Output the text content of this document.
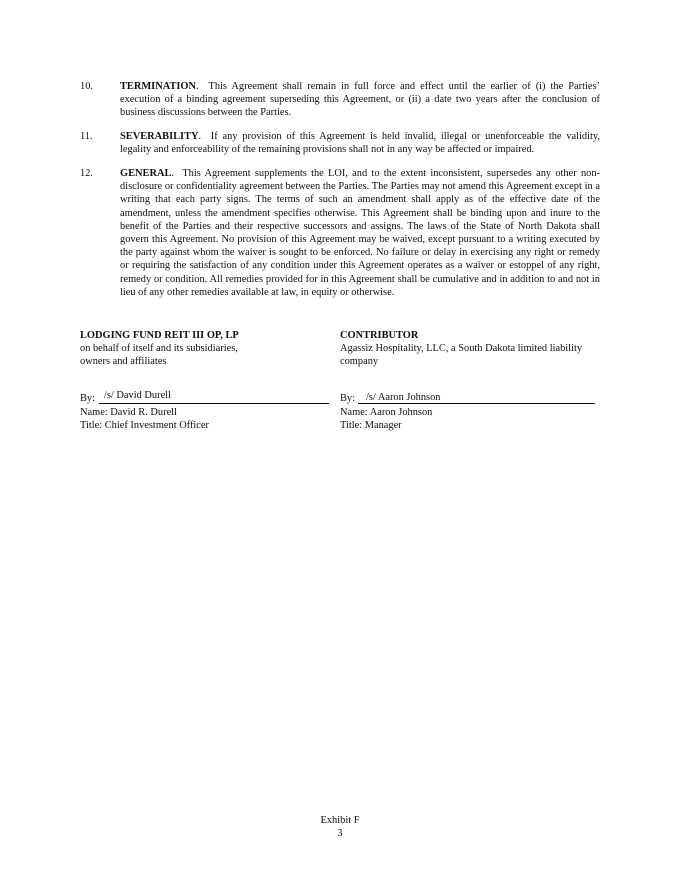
10.	TERMINATION.  This Agreement shall remain in full force and effect until the earlier of (i) the Parties’ execution of a binding agreement superseding this Agreement, or (ii) a date two years after the conclusion of business discussions between the Parties.
11.	SEVERABILITY.  If any provision of this Agreement is held invalid, illegal or unenforceable the validity, legality and enforceability of the remaining provisions shall not in any way be affected or impaired.
12.	GENERAL.  This Agreement supplements the LOI, and to the extent inconsistent, supersedes any other non-disclosure or confidentiality agreement between the Parties. The Parties may not amend this Agreement except in a writing that each party signs. The terms of such an amendment shall apply as of the effective date of the amendment, unless the amendment specifies otherwise. This Agreement shall be binding upon and inure to the benefit of the Parties and their respective successors and assigns. The laws of the State of North Dakota shall govern this Agreement. No provision of this Agreement may be waived, except pursuant to a writing executed by the party against whom the waiver is sought to be enforced. No failure or delay in exercising any right or remedy or requiring the satisfaction of any condition under this Agreement operates as a waiver or estoppel of any right, remedy or condition. All remedies provided for in this Agreement shall be cumulative and in addition to and not in lieu of any other remedies available at law, in equity or otherwise.
LODGING FUND REIT III OP, LP
on behalf of itself and its subsidiaries,
owners and affiliates
By: /s/ David Durell
Name: David R. Durell
Title: Chief Investment Officer
CONTRIBUTOR
Agassiz Hospitality, LLC, a South Dakota limited liability
company
By: /s/ Aaron Johnson
Name: Aaron Johnson
Title: Manager
Exhibit F
3
